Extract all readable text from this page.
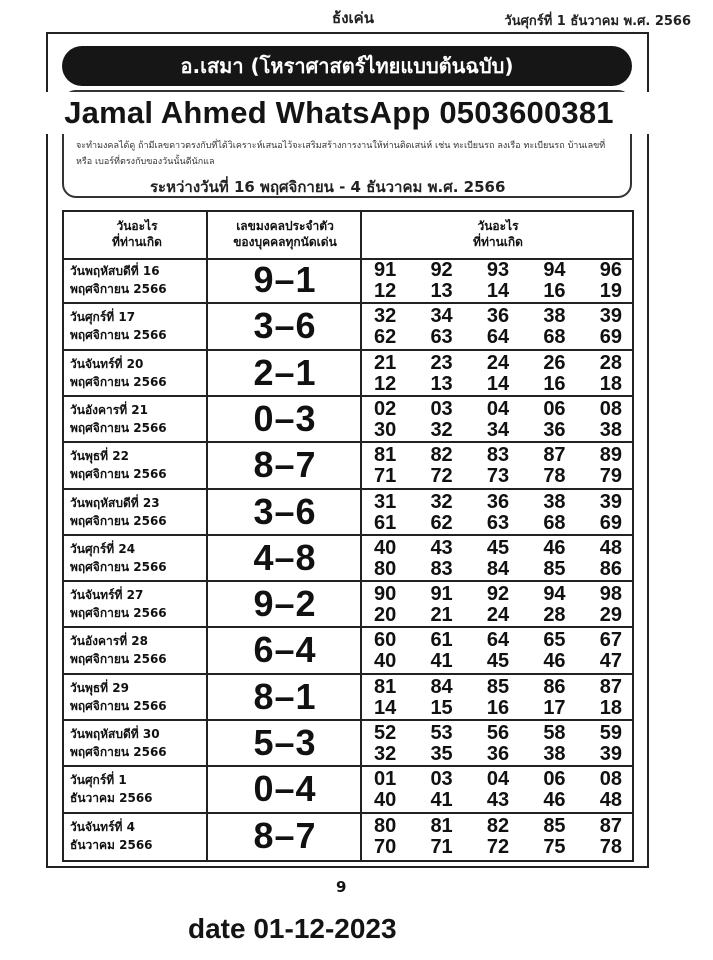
ธ้งเค่น	วันศุกร์ที่ 1 ธันวาคม พ.ศ. 2566
อ.เสมา (โหราศาสตร์ไทยแบบต้นฉบับ)
จะทำมงคลได้ดู ถ้ามีเลขดาวตรงกับที่ได้วิเคราะห์เสนอไว้จะเสริมสร้างการงานให้ท่านติดเสน่ห์ เช่น ทะเบียนรถ ลงเรือ ทะเบียนรถ บ้านเลขที่ หรือ เบอร์ที่ตรงกับของวันนั้นดีนักแล
ระหว่างวันที่ 16 พฤศจิกายน - 4 ธันวาคม พ.ศ. 2566
Jamal Ahmed WhatsApp 0503600381
วันอะไร
ที่ท่านเกิด
เลขมงคลประจำตัว
ของบุคคลทุกนัดเด่น
วันอะไร
ที่ท่านเกิด
วันพฤหัสบดีที่ 16
พฤศจิกายน 2566	9–1	91 92 93 94 96
12 13 14 16 19
วันศุกร์ที่ 17
พฤศจิกายน 2566	3–6	32 34 36 38 39
62 63 64 68 69
วันจันทร์ที่ 20
พฤศจิกายน 2566	2–1	21 23 24 26 28
12 13 14 16 18
วันอังคารที่ 21
พฤศจิกายน 2566	0–3	02 03 04 06 08
30 32 34 36 38
วันพุธที่ 22
พฤศจิกายน 2566	8–7	81 82 83 87 89
71 72 73 78 79
วันพฤหัสบดีที่ 23
พฤศจิกายน 2566	3–6	31 32 36 38 39
61 62 63 68 69
วันศุกร์ที่ 24
พฤศจิกายน 2566	4–8	40 43 45 46 48
80 83 84 85 86
วันจันทร์ที่ 27
พฤศจิกายน 2566	9–2	90 91 92 94 98
20 21 24 28 29
วันอังคารที่ 28
พฤศจิกายน 2566	6–4	60 61 64 65 67
40 41 45 46 47
วันพุธที่ 29
พฤศจิกายน 2566	8–1	81 84 85 86 87
14 15 16 17 18
วันพฤหัสบดีที่ 30
พฤศจิกายน 2566	5–3	52 53 56 58 59
32 35 36 38 39
วันศุกร์ที่ 1
ธันวาคม 2566	0–4	01 03 04 06 08
40 41 43 46 48
วันจันทร์ที่ 4
ธันวาคม 2566	8–7	80 81 82 85 87
70 71 72 75 78
9
date 01-12-2023
